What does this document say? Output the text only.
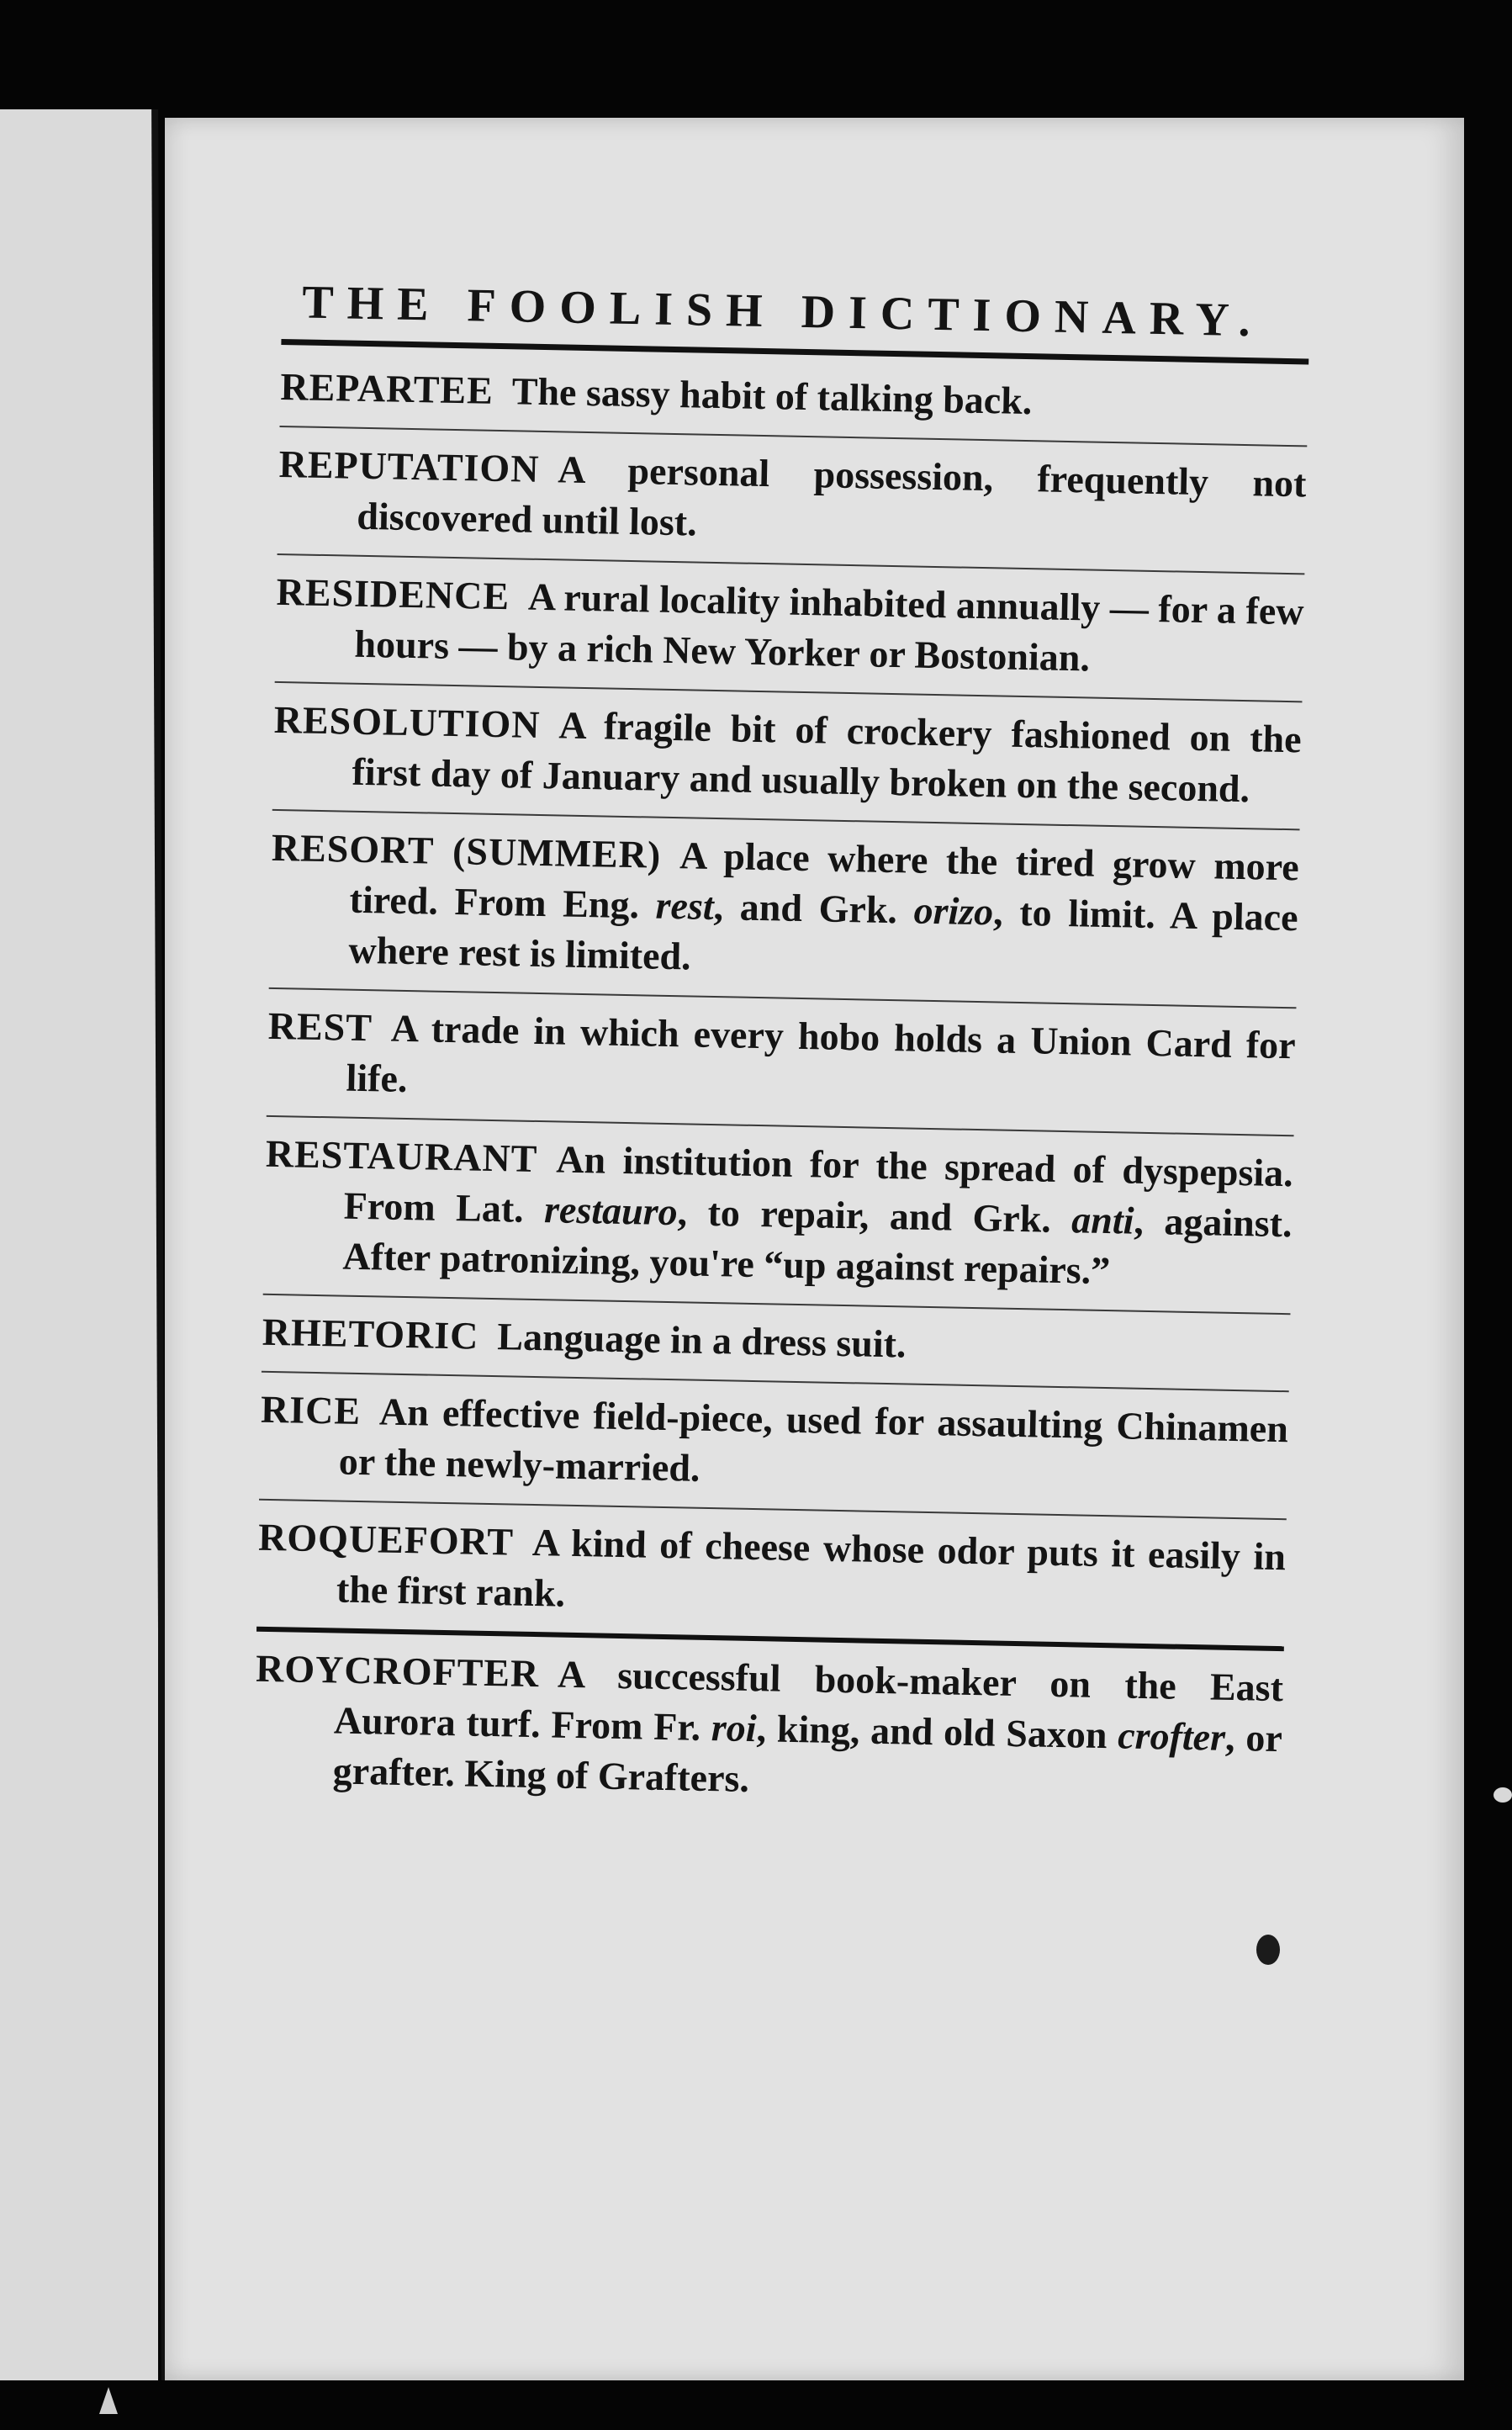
THE FOOLISH DICTIONARY.
REPARTEE The sassy habit of talking back.
REPUTATION A personal possession, frequently not discovered until lost.
RESIDENCE A rural locality inhabited annually — for a few hours — by a rich New Yorker or Bostonian.
RESOLUTION A fragile bit of crockery fashioned on the first day of January and usually broken on the second.
RESORT (SUMMER) A place where the tired grow more tired. From Eng. rest, and Grk. orizo, to limit. A place where rest is limited.
REST A trade in which every hobo holds a Union Card for life.
RESTAURANT An institution for the spread of dyspepsia. From Lat. restauro, to repair, and Grk. anti, against. After patronizing, you're “up against repairs.”
RHETORIC Language in a dress suit.
RICE An effective field-piece, used for assaulting Chinamen or the newly-married.
ROQUEFORT A kind of cheese whose odor puts it easily in the first rank.
ROYCROFTER A successful book-maker on the East Aurora turf. From Fr. roi, king, and old Saxon crofter, or grafter. King of Grafters.
